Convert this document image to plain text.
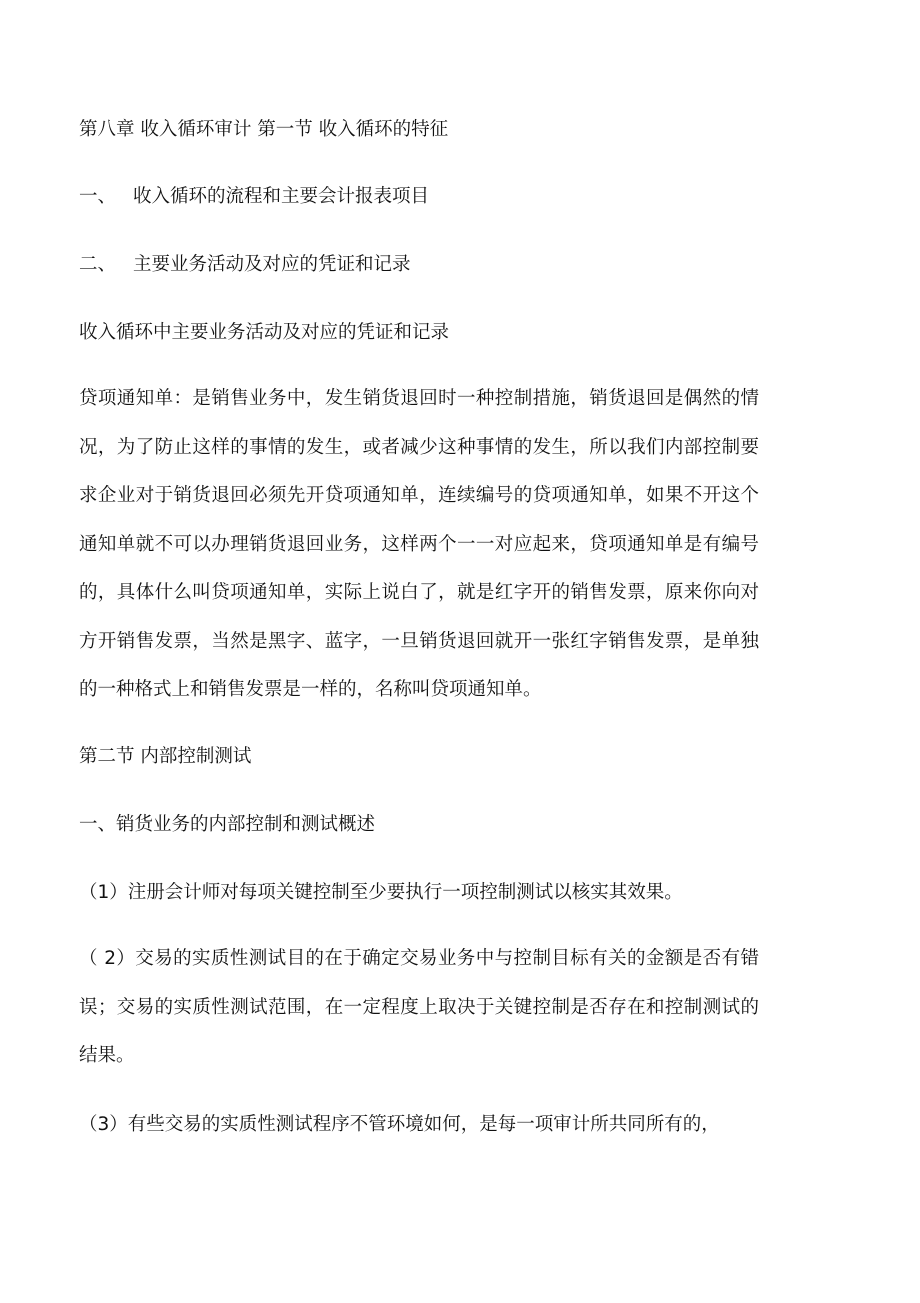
第八章 收入循环审计 第一节 收入循环的特征
一、 收入循环的流程和主要会计报表项目
二、 主要业务活动及对应的凭证和记录
收入循环中主要业务活动及对应的凭证和记录
贷项通知单：是销售业务中，发生销货退回时一种控制措施，销货退回是偶然的情况，为了防止这样的事情的发生，或者减少这种事情的发生，所以我们内部控制要求企业对于销货退回必须先开贷项通知单，连续编号的贷项通知单，如果不开这个通知单就不可以办理销货退回业务，这样两个一一对应起来，贷项通知单是有编号的，具体什么叫贷项通知单，实际上说白了，就是红字开的销售发票，原来你向对方开销售发票，当然是黑字、蓝字，一旦销货退回就开一张红字销售发票，是单独的一种格式上和销售发票是一样的，名称叫贷项通知单。
第二节 内部控制测试
一、销货业务的内部控制和测试概述
（1）注册会计师对每项关键控制至少要执行一项控制测试以核实其效果。
（ 2）交易的实质性测试目的在于确定交易业务中与控制目标有关的金额是否有错误；交易的实质性测试范围，在一定程度上取决于关键控制是否存在和控制测试的结果。
（3）有些交易的实质性测试程序不管环境如何，是每一项审计所共同所有的，
